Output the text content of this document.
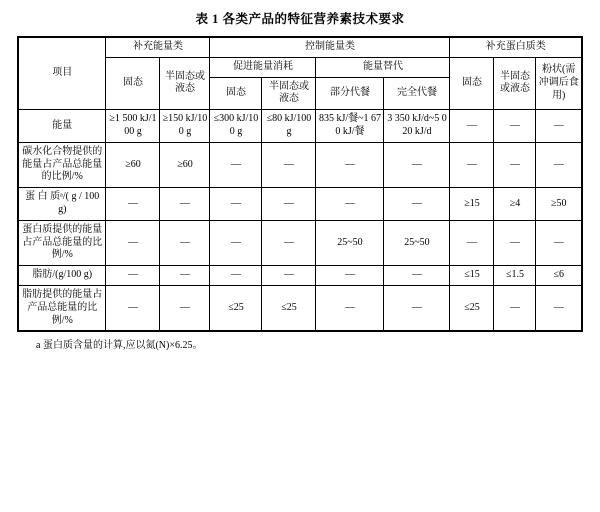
表 1 各类产品的特征营养素技术要求
项目	补充能量类		控制能量类				补充蛋白质类		
	固态	半固态或液态	促进能量消耗		能量替代		固态	半固态或液态	粉状(需冲调后食用)
			固态	半固态或液态	部分代餐	完全代餐			
能量	≥1 500 kJ/100 g	≥150 kJ/100 g	≤300 kJ/100 g	≤80 kJ/100 g	835 kJ/餐~1 670 kJ/餐	3 350 kJ/d~5 020 kJ/d	—	—	—
碳水化合物提供的能量占产品总能量的比例/%	≥60	≥60	—	—	—	—	—	—	—
蛋 白 质ᵃ/( g / 100 g)	—	—	—	—	—	—	≥15	≥4	≥50
蛋白质提供的能量占产品总能量的比例/%	—	—	—	—	25~50	25~50	—	—	—
脂肪/(g/100 g)	—	—	—	—	—	—	≤15	≤1.5	≤6
脂肪提供的能量占产品总能量的比例/%	—	—	≤25	≤25	—	—	≤25	—	—
a 蛋白质含量的计算,应以氮(N)×6.25。
